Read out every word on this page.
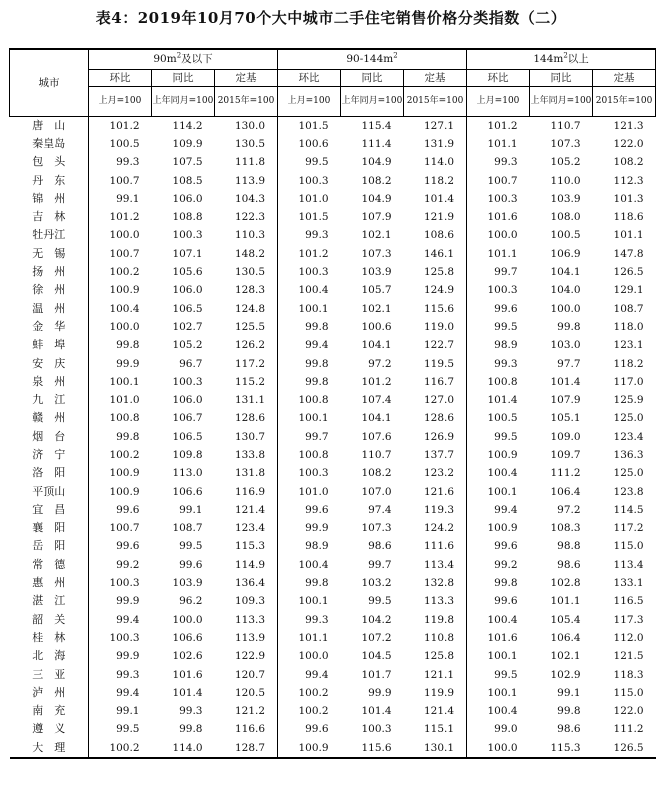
表4：2019年10月70个大中城市二手住宅销售价格分类指数（二）
城市	$90m^2$及以下			$90-144m^2$			$144m^2$以上		
	环比	同比	定基	环比	同比	定基	环比	同比	定基
	上月=100	上年同月=100	2015年=100	上月=100	上年同月=100	2015年=100	上月=100	上年同月=100	2015年=100
唐　山	101.2	114.2	130.0	101.5	115.4	127.1	101.2	110.7	121.3
秦皇岛	100.5	109.9	130.5	100.6	111.4	131.9	101.1	107.3	122.0
包　头	99.3	107.5	111.8	99.5	104.9	114.0	99.3	105.2	108.2
丹　东	100.7	108.5	113.9	100.3	108.2	118.2	100.7	110.0	112.3
锦　州	99.1	106.0	104.3	101.0	104.9	101.4	100.3	103.9	101.3
吉　林	101.2	108.8	122.3	101.5	107.9	121.9	101.6	108.0	118.6
牡丹江	100.0	100.3	110.3	99.3	102.1	108.6	100.0	100.5	101.1
无　锡	100.7	107.1	148.2	101.2	107.3	146.1	101.1	106.9	147.8
扬　州	100.2	105.6	130.5	100.3	103.9	125.8	99.7	104.1	126.5
徐　州	100.9	106.0	128.3	100.4	105.7	124.9	100.3	104.0	129.1
温　州	100.4	106.5	124.8	100.1	102.1	115.6	99.6	100.0	108.7
金　华	100.0	102.7	125.5	99.8	100.6	119.0	99.5	99.8	118.0
蚌　埠	99.8	105.2	126.2	99.4	104.1	122.7	98.9	103.0	123.1
安　庆	99.9	96.7	117.2	99.8	97.2	119.5	99.3	97.7	118.2
泉　州	100.1	100.3	115.2	99.8	101.2	116.7	100.8	101.4	117.0
九　江	101.0	106.0	131.1	100.8	107.4	127.0	101.4	107.9	125.9
赣　州	100.8	106.7	128.6	100.1	104.1	128.6	100.5	105.1	125.0
烟　台	99.8	106.5	130.7	99.7	107.6	126.9	99.5	109.0	123.4
济　宁	100.2	109.8	133.8	100.8	110.7	137.7	100.9	109.7	136.3
洛　阳	100.9	113.0	131.8	100.3	108.2	123.2	100.4	111.2	125.0
平顶山	100.9	106.6	116.9	101.0	107.0	121.6	100.1	106.4	123.8
宜　昌	99.6	99.1	121.4	99.6	97.4	119.3	99.4	97.2	114.5
襄　阳	100.7	108.7	123.4	99.9	107.3	124.2	100.9	108.3	117.2
岳　阳	99.6	99.5	115.3	98.9	98.6	111.6	99.6	98.8	115.0
常　德	99.2	99.6	114.9	100.4	99.7	113.4	99.2	98.6	113.4
惠　州	100.3	103.9	136.4	99.8	103.2	132.8	99.8	102.8	133.1
湛　江	99.9	96.2	109.3	100.1	99.5	113.3	99.6	101.1	116.5
韶　关	99.4	100.0	113.3	99.3	104.2	119.8	100.4	105.4	117.3
桂　林	100.3	106.6	113.9	101.1	107.2	110.8	101.6	106.4	112.0
北　海	99.9	102.6	122.9	100.0	104.5	125.8	100.1	102.1	121.5
三　亚	99.3	101.6	120.7	99.4	101.7	121.1	99.5	102.9	118.3
泸　州	99.4	101.4	120.5	100.2	99.9	119.9	100.1	99.1	115.0
南　充	99.1	99.3	121.2	100.2	101.4	121.4	100.4	99.8	122.0
遵　义	99.5	99.8	116.6	99.6	100.3	115.1	99.0	98.6	111.2
大　理	100.2	114.0	128.7	100.9	115.6	130.1	100.0	115.3	126.5
